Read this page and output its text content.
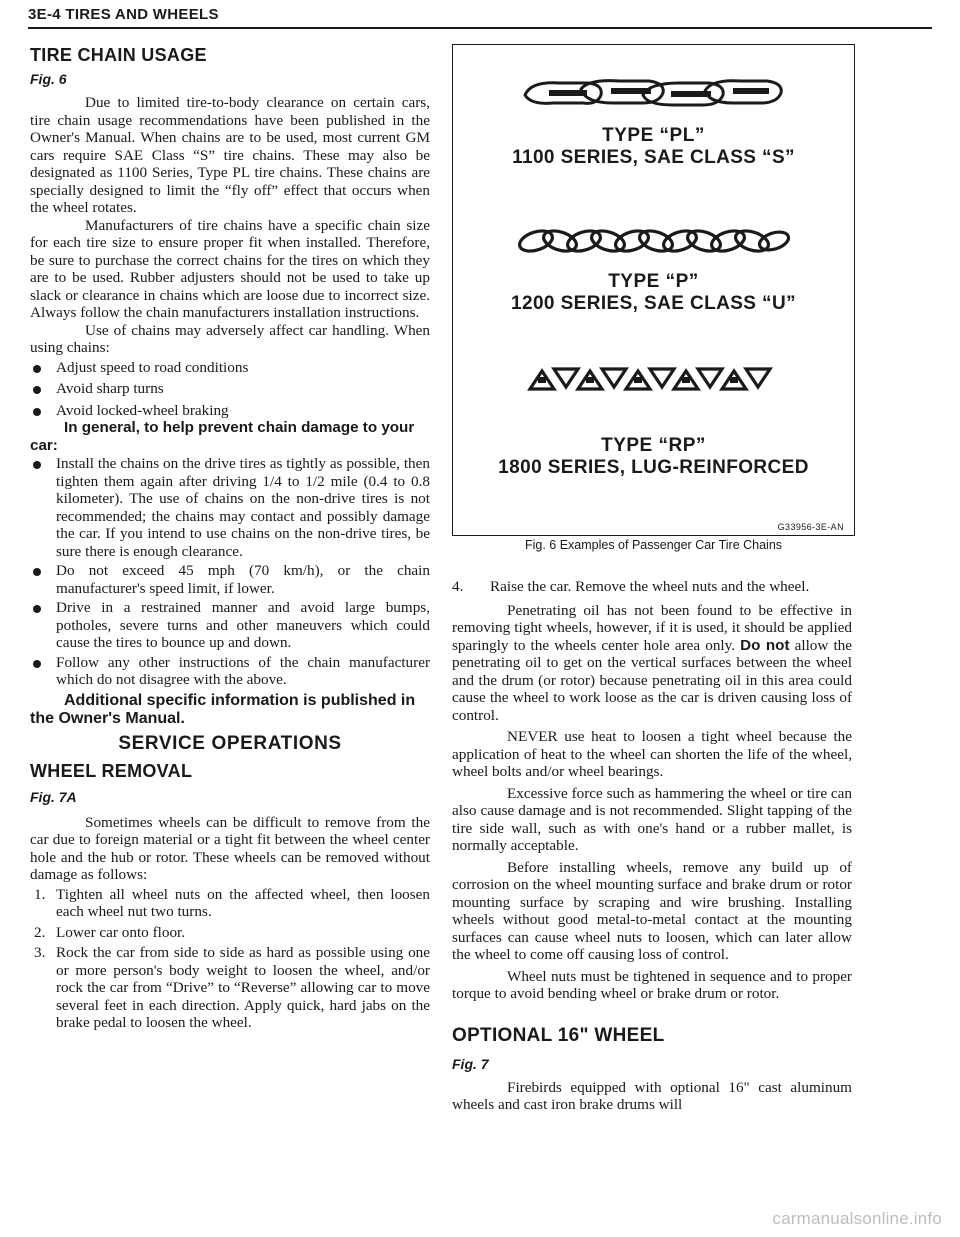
3E-4 TIRES AND WHEELS
TIRE CHAIN USAGE
Fig. 6

Due to limited tire-to-body clearance on certain cars, tire chain usage recommendations have been published in the Owner's Manual. When chains are to be used, most current GM cars require SAE Class “S” tire chains. These may also be designated as 1100 Series, Type PL tire chains. These chains are specially designed to limit the “fly off” effect that occurs when the wheel rotates.

Manufacturers of tire chains have a specific chain size for each tire size to ensure proper fit when installed. Therefore, be sure to purchase the correct chains for the tires on which they are to be used. Rubber adjusters should not be used to take up slack or clearance in chains which are loose due to incorrect size. Always follow the chain manufacturers installation instructions.

Use of chains may adversely affect car handling. When using chains:

Adjust speed to road conditions
Avoid sharp turns
Avoid locked-wheel braking

In general, to help prevent chain damage to your car:

Install the chains on the drive tires as tightly as possible, then tighten them again after driving 1/4 to 1/2 mile (0.4 to 0.8 kilometer). The use of chains on the non-drive tires is not recommended; the chains may contact and possibly damage the car. If you intend to use chains on the non-drive tires, be sure there is enough clearance.
Do not exceed 45 mph (70 km/h), or the chain manufacturer's speed limit, if lower.
Drive in a restrained manner and avoid large bumps, potholes, severe turns and other maneuvers which could cause the tires to bounce up and down.
Follow any other instructions of the chain manufacturer which do not disagree with the above.

Additional specific information is published in the Owner's Manual.

SERVICE OPERATIONS
WHEEL REMOVAL
Fig. 7A

Sometimes wheels can be difficult to remove from the car due to foreign material or a tight fit between the wheel center hole and the hub or rotor. These wheels can be removed without damage as follows:

1. Tighten all wheel nuts on the affected wheel, then loosen each wheel nut two turns.
2. Lower car onto floor.
3. Rock the car from side to side as hard as possible using one or more person's body weight to loosen the wheel, and/or rock the car from “Drive” to “Reverse” allowing car to move several feet in each direction. Apply quick, hard jabs on the brake pedal to loosen the wheel.
TYPE “PL”
1100 SERIES, SAE CLASS “S”
TYPE “P”
1200 SERIES, SAE CLASS “U”
TYPE “RP”
1800 SERIES, LUG-REINFORCED
G33956-3E-AN
Fig. 6 Examples of Passenger Car Tire Chains
4. Raise the car. Remove the wheel nuts and the wheel.

Penetrating oil has not been found to be effective in removing tight wheels, however, if it is used, it should be applied sparingly to the wheels center hole area only. Do not allow the penetrating oil to get on the vertical surfaces between the wheel and the drum (or rotor) because penetrating oil in this area could cause the wheel to work loose as the car is driven causing loss of control.

NEVER use heat to loosen a tight wheel because the application of heat to the wheel can shorten the life of the wheel, wheel bolts and/or wheel bearings.

Excessive force such as hammering the wheel or tire can also cause damage and is not recommended. Slight tapping of the tire side wall, such as with one's hand or a rubber mallet, is normally acceptable.

Before installing wheels, remove any build up of corrosion on the wheel mounting surface and brake drum or rotor mounting surface by scraping and wire brushing. Installing wheels without good metal-to-metal contact at the mounting surfaces can cause wheel nuts to loosen, which can later allow the wheel to come off causing loss of control.

Wheel nuts must be tightened in sequence and to proper torque to avoid bending wheel or brake drum or rotor.

OPTIONAL 16" WHEEL
Fig. 7

Firebirds equipped with optional 16" cast aluminum wheels and cast iron brake drums will

carmanualsonline.info
